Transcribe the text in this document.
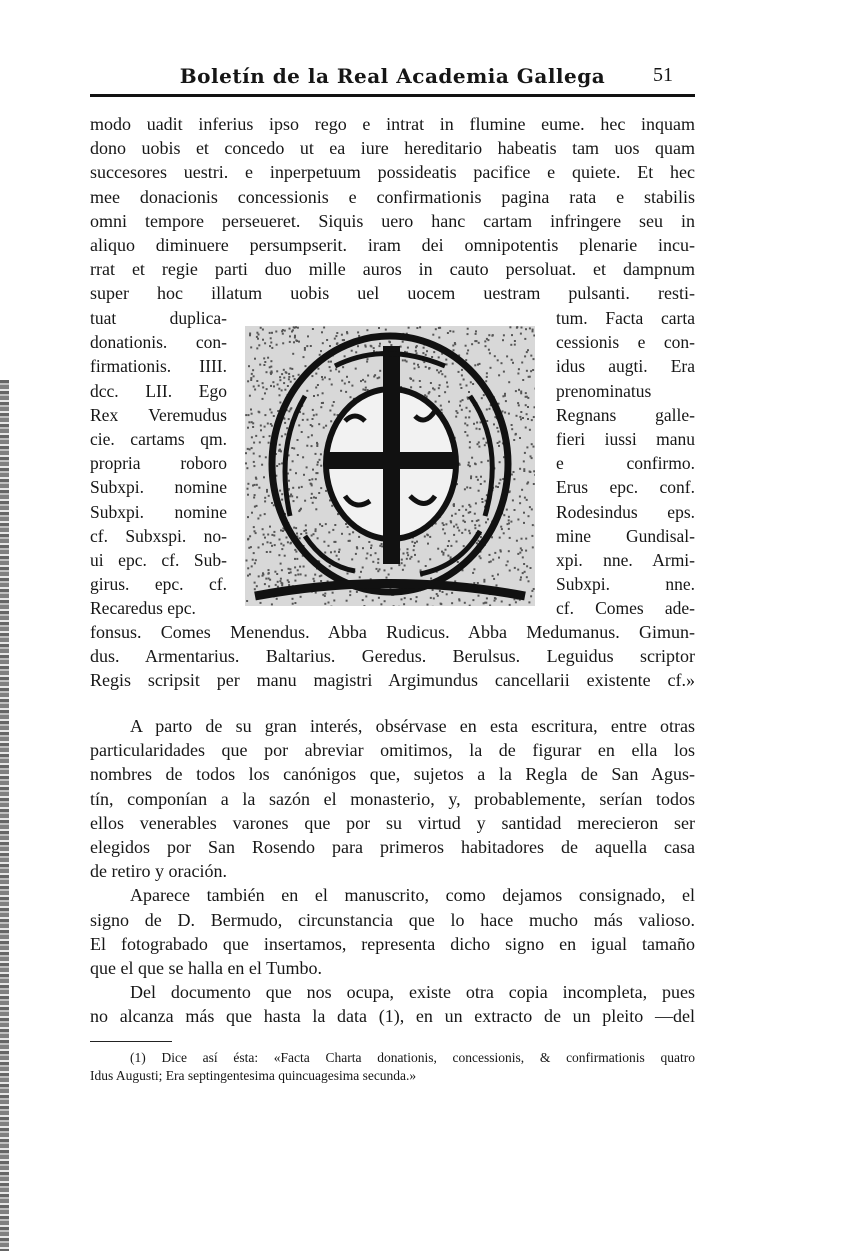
Boletín de la Real Academia Gallega	51
modo uadit inferius ipso rego e intrat in flumine eume. hec inquam
dono uobis et concedo ut ea iure hereditario habeatis tam uos quam
succesores uestri. e inperpetuum possideatis pacifice e quiete. Et hec
mee donacionis concessionis e confirmationis pagina rata e stabilis
omni tempore perseueret. Siquis uero hanc cartam infringere seu in
aliquo diminuere persumpserit. iram dei omnipotentis plenarie incu-
rrat et regie parti duo mille auros in cauto persoluat. et dampnum
super hoc illatum uobis uel uocem uestram pulsanti. resti-
tuat duplica-
donationis. con-
firmationis. IIII.
dcc. LII. Ego
Rex Veremudus
cie. cartams qm.
propria roboro
Subxpi. nomine
Subxpi. nomine
cf. Subxspi. no-
ui epc. cf. Sub-
girus. epc. cf.
Recaredus epc.
tum. Facta carta
cessionis e con-
idus augti. Era
prenominatus
Regnans galle-
fieri iussi manu
e confirmo.
Erus epc. conf.
Rodesindus eps.
mine Gundisal-
xpi. nne. Armi-
Subxpi. nne.
cf. Comes ade-
fonsus. Comes Menendus. Abba Rudicus. Abba Medumanus. Gimun-
dus. Armentarius. Baltarius. Geredus. Berulsus. Leguidus scriptor
Regis scripsit per manu magistri Argimundus cancellarii existente cf.»
A parto de su gran interés, obsérvase en esta escritura, entre otras
particularidades que por abreviar omitimos, la de figurar en ella los
nombres de todos los canónigos que, sujetos a la Regla de San Agus-
tín, componían a la sazón el monasterio, y, probablemente, serían todos
ellos venerables varones que por su virtud y santidad merecieron ser
elegidos por San Rosendo para primeros habitadores de aquella casa
de retiro y oración.
Aparece también en el manuscrito, como dejamos consignado, el
signo de D. Bermudo, circunstancia que lo hace mucho más valioso.
El fotograbado que insertamos, representa dicho signo en igual tamaño
que el que se halla en el Tumbo.
Del documento que nos ocupa, existe otra copia incompleta, pues
no alcanza más que hasta la data (1), en un extracto de un pleito —del
(1) Dice así ésta: «Facta Charta donationis, concessionis, & confirmationis quatro
Idus Augusti; Era septingentesima quincuagesima secunda.»
